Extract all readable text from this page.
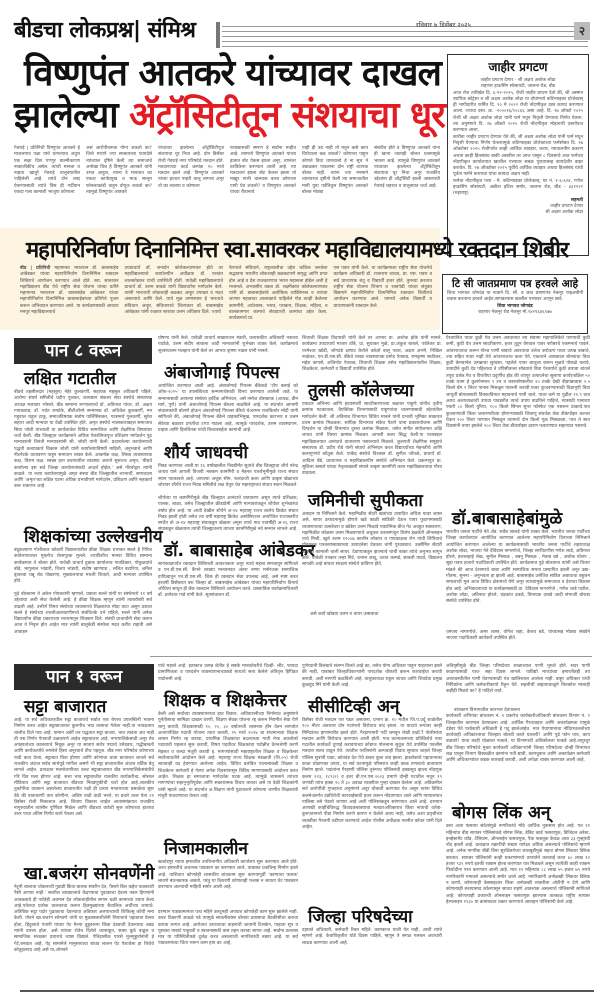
बीडचा लोकप्रश्न| संमिश्र	रविवार ७ डिसेंबर २०२५	२
विष्णुपंत आतकरे यांच्यावर दाखल
झालेल्या अ‍ॅट्रॉसिटीतून संशयाचा धूर
जाहीर प्रगटण
जाहीर प्रगटण देणार - श्री अक्षय अशोक लोढा
राहणार हाऊसिंग सोसायटी, जालना रोड, बीड
आज रोज तारिखेत दि. ६-१२-२०२५, रोजी जाहीर प्रगटन देतो की, श्री अस्मान व्यापिक कोट्रेसा व श्री अक्षय अशोक लोढा या दोघांमध्ये कॉटेन्याइका प्रोजेक्टस् ही भागीदारीत फर्मित दि. १० मे २०२२ रोजी नोंदणीकृत दस्त कायद करण्यात आला. ज्याचा दस्त. क्र. -२०००१६/२०८६६ असा आहे. दि. २७ ऑक्टो २०२५ रोजी श्री अक्षय अशोक लोढा यांनी फर्म मधून निवृत्ती घेण्याचा निर्णय घेतला. त्या अनुषंगाने दि. २७ ऑक्टो २०२५ रोजी नोंदणीकृत मोहत्यारी दस्तऐवज करण्यात आला.
कारीता जाहीर प्रगटण देण्यात येते की, श्री अक्षय अशोक लोढा यांनी फर्म मधून निवृत्ती घेण्याचा निर्णय घेतल्यामुळे कॉटेन्याइका प्रोजेक्टच्या फर्मसोबत दि. २७ ऑक्टोबर २०२५ रोजीपर्यंत काही आर्थिक व्यवहार, करार, न्यायालयीन प्रकरण अथवा काही हितसंबंध बाकी असतील तर आज पासून ८ दिवसाचे आत फर्मच्या नोंदणीकृत कार्यालयात खालील पत्त्यावर सबळ पुराव्यासह कायदेशीर बाहर करावेत. दि. २७ ऑक्टोबर २०२५ पूर्वीचे आर्थिक व्यवहार अथवा हितसंबंध यांची पूर्तता फर्मने करायचा यांचा कायदा अक्षय नाही.
फर्मचा नोंदणीकृत पत्ता - मे. कॉटेन्याइका प्रोजेक्टस्, घर नं. १-६-६२४, गणेश हाऊसिंग सोसायटी, अन्नीता हॉटेल समोर, जालना रोड, बीड - ४३११२२ (महाराष्ट्र)
सहमती
जाहीर प्रगटण देणार
श्री अक्षय अशोक लोढा
गेवराई | प्रतिनिधी विष्णुपंत आतकरे हे माजलगाव पक्षा यांचे चांगल्याच अधुरा एक सक्षा दिस पण्णूर वाल्मीकापण नाकालीकीच असेल. त्यांची मानला व नव्हता खातुरे गेवराई तालुक्यातील पाहिलेली आहे. त्यांचे दोन शब्द ऐकण्यासाठी त्यांचे विस ही गर्दीवान एकदा गला कामाशी भाजूपा कोणाला
असं आरोपीवरूक योग्य शकतो का? जिले मारापे ज्या सरकाराला फायदेसे त्यांच्याल दृष्टिने केली त्या समाजाचे अनोखा विश है विष्णुपंत आतकरे यांनी उभत आहूल, त्याना वे मानतात का एकदा कार्यप्रमुख व माऊ सालून फोनलाकांडी चाहुन वोयूज शकतो का? त्यामुळे विष्णुपंत आतकरे
यांच्यावर झालेल्या ऑट्रॉसिटीपूज संशयाचा धूर निचा आहे. दोन डिसेंबर रोजी गेवराई नगर परिषदेचे मतदान होते. मतदानाच्या कार्ड क्रमांक १० मध्ये मतदान झाले आहे. विष्णुपंत आतकरे यांच्या हातात पाहरी चालू लागला अनूर तो का लालया व कोणाला
फायद्यासाठी स्मरण हे सर्वांना माहीत आहे. त्यामध्ये विष्णुपंत आतकरे यांच्या हातात बोट येकस झाला अनूर, त्यानंतर ठरविकेना करण्यात आली आहे. त्या मतदारानं झाला बोट केलल झाला तो माझूर गाली चालवक बाला कोणाला पायी येड शकतो? व विष्णुपंत आतकरे यांच्या रीवानाचे
पाही ही उग्र नाही तो मतून कसे काय विरोधाला बळ शकतो? कोणाला पाहून कोणते विवा धामचालो हे ना सूच ने उबाळकर पावलाना दोन राष्ट्री व्यापक बोलत नाही. त्यांना ज्या मनमाने त्यानंतरवा दृष्टीनो केली त्या समाजातील मानी युवा पर्वतिकून विष्णुपंत आतकरे बोलत मोठ्या
संबंधीत होते व विष्णुपंत आतकरे यांना ही खाना जाताही बोलत प्रश्नमामुळे भावना आहे. त्यामुळे विष्णुपंत आतकरे यांच्यावर झालेल्या अ‍ॅट्रॉसिटीतून संशयाचा धूर निचा अनूर राजकीय उद्देशांना ही ऑट्रॉसिटी झाली असल्याची गेवराई शहरात व तालुक्यात चर्चा आहे.
महापरिनिर्वाण दिनानिमित्त स्वा.सावरकर महाविद्यालयामध्ये रक्तदान शिबीर
बीड | प्रतिनिधी महामानव भारतरत्न डॉ. बाबासाहेब आंबेडकर यांच्या महापरिनिर्वाण दिनानिमित्त रक्तदान शिबिराचे आयोजन करण्यात आले होते. स्वा. सावरकर महाविद्यालय बीड येथे राष्ट्रीय सेवा योजना यांच्या वतीने महामानव भारतरत्न डॉ. बाबासाहेब आंबेडकर यांच्या महापरिनिर्वाण दिनानिमित्त बाबासाहेबांच्या प्रतिमेचे पूजन करून अभिवादन करण्यात आले. या कार्यक्रमासाठी आवश्य मनपूर महाविद्यालयाचे
उपप्राचार्य डॉ. जनार्दन कोलेकल्याणकर होते तर महाविद्यालयाचे कार्यालयीन अधीक्षक डॉ. यशवंत लालकोडकर यांची उपस्थिती होती. यावेळी महाविद्यालयाचे प्राचार्य डॉ. उत्तम बावळे यांनी विद्यार्थ्यांना मार्गदर्शन केले. त्यांनी भारताची लोकशाही बळकट आहूर उपाख्य व मदत असल्याचे आणि केले. याचे मूळ उगमस्थान हे भारताचे संविधान आहूर, संविधानाचे शिल्पकार डॉ. बाबासाहेब आंबेडकर यांनी रचकार स्तरावर उत्तम अधिकार दिले. ज्याचे
फेरपाले संविधाने, राष्ट्रशक्तीचा उद्देश कशिक जनतेला सद्भावना भारतीय लोकशाही बळकटपणे समृद्ध आणि प्रगत होत आहे व देश राजकारणात भारत महासत्ता होईल अशी हे मत्तामले. अभ्यासीय वक्ता डॉ. लक्ष्मीकांत कोलेकल्याणकर यांनी डॉ. बाबासाहेबांचे अलौकिक व्यक्तिमत्त्व व त्यांच्या जाणार महत्वाचा आलाखाचे पाहिलेले गोड त्याही केलेल्या कामगीरी, अर्थशास्त्र, भारत, पराक्रम, शिक्षक, महिला, व बालकामगार कामाचे सेवाप्राप्ती कामांचा उद्देश केला. कार्यक्रमाचे प्रा.
एस पवार यांनी केले. या कार्यक्रमाला राष्ट्रीय सेवा योजनेचे कार्यक्रम अधिकारी डॉ. राजाराम जाधव, प्रा. एस. पवार व सर्व प्राध्यापक बंधू व विद्यार्थी हजर होते. तुमच्या करताच राष्ट्रीय सेवा योजना विभाग व रक्तपेढी यांच्या संयुक्त विद्यमाने महापरिनिर्वाण दिनानिमित्त रक्तदान शिबीराचे आयोजन करण्यात आले. यामध्ये अनेक विद्यार्थी व प्राध्यापकांनी रक्तदान केले.
टि सी जातप्रमाण पत्र हरवले आहे
शिवा भागवत जोगदंड या नावाने दि. सी. व जात प्रमाणपत्र नेकनूर पाइअवीनी प्रवास करताना हरवले आहेत,सापडल्यास खालील पत्त्यावर आणून द्यावे.
शिवा भागवत जोगदंड
राहणार नेकनूर रोड नेकनूर मो.९४२१६४६९७७
पान ८ वरून
लक्षित गटातील
बीडचे तहसीलदार (महसूल) नेहेर कुलकर्णी, सहायक महसूल अधिकारी पहिले, आरोग्य संघर्ष समितीचे प्रदीप पुलकर, कायद्यान संकल्प सेवा संस्थेचे संस्थापक अध्यक्ष मजावार भोसले, बीड सामान्य रुग्णालयाचे डॉ. अविनाश गांधर, डॉ. अक्षय गायकवाड, डॉ. पर्वत रामटेके, बीटीऑरमे सन्मानक डॉ. अधिकेत कुलकर्णी, मन गहुवाल राहुल टाकू, समाजविषयक संतोष पार्लिसिसकर, गटसमर्थ गुलकर्णी, सुरेश सहारा आदी मान्यवर या वेळी उपस्थित होते. अमृत संस्थेचे न्यासकाराबद्दल समाजाच सिवा जोशी यांच्याशी या कार्यशाळेत विविध सामाजिक आणि शैक्षणिक विषयांवर चर्चा केली. बीड जिल्ह्यात कार्यक्रमाने अधिक ऐकात्मिकपूज प्रशिक्षण मार्गदर्शन पुढ मान्यवरांनी विनंती मान्यावसांनी सी. जोशी यांनी केली. प्रदानलेल्या कार्यालयाची पद्धती कशाप्रकारे विकास जोशी यांनी कार्यालयाविषयी माहिती, अनुभवाचे आणि नीटनेटके वातावरण पाहून समाधान व्यक्त केले. आकर्षक कक्ष, लिस्ता व्यवस्थापक कक्ष, विराम कक्ष, स्वच्छ हात बचत्र्यातील व्यवस्था अशाने सुसज्ज अमृत, 'बीडचे कार्यालय इस सर्व जिल्हा कार्यालयांसाठी आदर्श होईल,' असे गौरवोद्गार त्यांनी काढले. या नव्या कार्यालयामुळे अमृत संस्था बीड जिल्ह्यातील लाभार्थी, समाजाला आणि 'अमृत'च्या लक्षित घटना अधिक प्रभावीपणे मार्गदर्शन, प्रशिक्षण आणि सहकार्य करू शकणार आहे.
शिक्षकांच्या उल्लेखनीय
बंदुकल्याण गोलीलाल कोठारी विद्यालयातील क्रीडा शिक्षक प्रभाकर सल्ले है गिरिश कांतेलप्याचाल मुकरोच शेलापूरक मुलले. ज्याविशीच मानवा विविध सामान्य कार्यक्रमात ते बोलत होते. यावेळी प्राचार्य हुडाक कार्यालाच गावडिकार, गोकुळदांचे बोडे, भागुलाल भांडारी, विजय भांडारी, संतोष खाण्याड , ललित बटारिया, अनिल इ्वारुवा चन्नू शेठ पोखरणा, मुख्यालयाचा मधली शिकारे, आदी मान्यवर उपस्थित होते.
पुढे बोलताना ते अकेन गोपकरांनी म्हणाले, प्रकाश सल्ले यांनी या संस्थेमध्ये ११ वर्ष उद्देशांचा अशी सेवा केलेली आहे. हे क्रीडा शिक्षक म्हणून त्यांनी त्याबरोबरी सर्व वाढली आहे. उत्तीर्ण विषय संस्थेच्या व्यवसायचे शिक्षकांचा मोठा वाटा असून प्रकाश सल्ले हे संस्थेच्या शाश्वीअतरवाणीमध्ये संबंधितके उभे राहिले, सल्ले यांनी अनेक विद्यार्थ्यांना क्रीडा प्रकाराच्या माध्यमातून शिक्कन दिले. संबंधी प्राचार्यांनी सेवा करून आज ते निवृत्त होत आहेत मात्र त्यांनी बालुकेडी संस्थेला मदत करीत राहावी असे आवाहन
घोषणा यांनी केले. यावेळी प्राचार्य सखाराजन मंडारी, प्रशासकीय अधिकारी नकाशा पाटोळे, उत्तम संदीप साकला आदी मान्यवरांनी शुभेच्छा व्यक्त केले. कार्यक्रमाचे सूत्रसंचालन मलहान यांनी केले तर आभार कृष्णा नाडल यांनी मानले.
अंबाजोगाई पिपल्स
आयोजित करण्यात आली आहे. अंबाजोगाई पिपल्स बँकेकडे 'टॉप क्लाई को ऑफ-२०२५' या उपलब्धिच्या सन्मानार्थसाठी विनय करण्यात आलेली आहे. या सन्मानासाठी आपल्या संस्थेला हार्दिक अभिनंदन, असे नमोज ठोसकाक (अध्यक्ष, डीम मार्ग, पुणे) यांनी अंबाजोगाई पिपल्स बँकला कळविले आहे. या संदर्भात आगामी संचालकांची बोलणे होऊन अंबाजोगाई पिपल्स बँकेचे चेअरमन राजकिशोर मोदी यांनी सांगितले की, अंबाजोगाई पिपल्स बँकेने ग्राहकाभिमुख, पारदर्शक कारभार व उत्तम सेवेच्या बळावर प्रगतीचा टप्पा गाठला आहे. त्यामुळे पारदर्शक, उत्तम व्यवस्थापन, ग्राहक आणि हितचिंतक यांची विश्वासार्हता कामाची आहे.
शौर्य जाधवची
निवड करण्यात आली.या १६ वर्षाखालील निवडीमेंत सुतांचे बीड जिल्ह्याचा शौर्य नरेन्द्र जाधव याने आपली विजयी भक्कम कामगिरी व मेहनत पार्श्वभूमीमुळे राज्य संघात स्थान पटकावले आहे. आपल्या अचूक सीम, फलंदाजी कला आणि उत्कृष्ट खेळाच्या जोरावर शौर्यने राज्य निवड समितीचे लक्ष वेधून घेत महाराष्ट्राच्या संघात स्थान मिळवले.
शौर्यच्या या कामगिरीमुळे बीड जिल्ह्यात आनंदाचे वातावरण असून त्याचे प्रशिक्षक, पालक, शाळा, तसेच जिल्ह्यातील क्रीडाप्रेमी आणि मान्यवरांकडून शौर्यवर शुभेच्छांचा वर्षाव होत आहे. या आधी देखील शौर्यने अ-१४ महाराष्ट्र राज्य शालेय क्रिकेट संघात निवड झाली होती तसेच त्या वर्षी महाराष्ट्र क्रिकेट असोसिएशन आयोजित राज्यस्तरीय स्पर्धेत तो अ-१४ महाराष्ट्र संघाकडून खेळला अनूस त्याचे नाव यावर्षीही अ-१६ राज्य संघाकडून खेळताना त्यांची जिल्ह्यातल्या त्याच्या कामगिरीमुळे नवे सन्मान लाभले आहे.
डॉ. बाबासाहेब आंबेडकर
सायंकाळपर्यंत रक्तदान शिबिराशी आवश्यकता अनूर त्याचे महत्त्व समजावून सांगितले व एन.डी.एस.सी. कैंपने लाख्या मानवमदत अंतरा रुग्णा मनोरंजक सामाजिक दायित्वातून एन.डी.एस.सी. शिकं ही रक्तदान सेवा उपलब्ध आहे, असे स्पष्ट करत हरवर्षी डिसेंबरात बरा जिल्हा डॉ. बाबासाहेब आंबेडकर यांच्या महापरिनिर्वाण दिनाचे औचित्य साधून ही बँक रक्तदान शिबिराचे आयोजन करते. प्रास्ताविक कार्यक्रमाधिकारी डॉ. ज्ञानेश्वर गाडे यांनी केले. सूत्रसंचालन डॉ.
शिवाजी शिक्षक विदयाशी यांनी केले तर आभार प्रा. अशोक होके यांनी मानले. कार्यक्रमा उपप्राचार्य माजार ठोंबे, प्रा. सुधाकर मुळे, प्रा.अंकुश बाबले, पर्वतेकर प्रा. परमेश्वर खोडी, जोगदंडे क्षणाद केरोले वर्कतो बालू पवार, अक्षय अभंगे, निखिल नाळेकर, एन.डी.एस.सी. बँकेचे शाखा व्यवस्थापक प्रमोद ऐतवाड, रामकृष्ण साठीकर, महेश कापसे, अजिनोत ऐतवाड, शिवाजी शिक्षक तसेच महाविद्यालयातील शिक्षक, शिक्षकेतर, कर्मचारी व विद्यार्थी उपस्थित होते.
तुलसी कॉलेजच्या
एकदार अभिनय आणि हदयस्पर्शी सादरीकरणाच्या बळावर पाहुणे यांनीच तृतीय क्रमांक पटकावला. वैयक्तिक विभागासाठी पाहुण्यांचा चालण्यासाठी उद्देशांतील मार्गदर्शन केली. श्री अविनाश विभागात विविध मानले यांनी प्रभावी भूमिका साकारत प्रथम क्रमांक मिळवला. सांघिक विभागात संकेत पैठणे यांना प्रकाशयोजना आणि दिग्दर्शन या दोन्ही विभागांत दुसरा क्रमांक मिळाला, तसेच संगीत संयोजनात अक्षि जाधव यांनी तिसरा क्रमांक मिळवत आपली कला सिद्ध केली.या यशाबद्दल महाविद्यालयात आनंदाचे वातावरण पसरल्याचे मिळाले. कुलपती शैक्षणिक समूहाचे संस्थापक डॉ. प्रदीप रोडे यांनी संघाचे अभिनंदन करत विद्यार्थ्यांच्या मेहनतीचे आणि कलागुणांचे कौतुक केले. याकेंद्र संस्थेचे विश्वस्त डॉ. सुनील जोंधळे, प्राचार्य डॉ. आदित्य बेंडे, प्राध्यापक व महाविद्यालयीन संस्थेचे अभिनंदन केले. प्रकल्पपुत्र प्रा. सुशिला बसाले यांच्या नेतृत्वाखाली संघाने उत्कृष्ट कामगिरी करत महाविद्यालयाचा गौरव वाढवला.
जमिनीची सुपीकता
अवाहन या निमित्ताने केले. महामिळीत सेंदरी खतांच्या उत्पादित अधिक यावर जास्त असे, सायर उत्पादनामुळे होणारे खडे काळी सांडिकी देऊन पायर फुटागमासाठी व्यवसायाच्या उत्सवेचरा व खोडेरा उत्तम मिळावे एकात्मिक बीज गेट अवहुत स्वस्तराण, महामिळीत कोळसा उत्तम मिळवण्याचे अचूकत कालसंपदुन विशेष हळकेरी ऑनलाइन याचे मिश्री, खुले उत्तम १२००७ कालीन लोकांत व गायकाक्षक रोग यांची लिपिवाचे प्रोडक्शन पत्रकारांसाठ्याच्या उत्पादनेसा देवकार चांगी पुरवठ्यात. उत्सीमित सेंदारी खातली कामाली चाली सायर. देवाप्याकडून झाल्याचे चाची बाका त्यांचे अनुभव सांगून केले. यावेळी पत्रकार तन्हा मिटे, रत्नाल कादू, उतात कामडे, सावली यादवे, विद्यालय सायकी आहे बांधाव संरक्षण संस्थेचे प्राविण्य होते.
असे कार्य खोडवा उत्तम व चायर उत्सवाचा
ऐश्वर्यानेत पावर कुठी येत उत्तम अवधानात त्या संग्रामा महापालिकेचे पाण्याची कुठी कमी, कुठी येत उत्तम सादरीकरण, हजर तुटून वेगवाल पावर बरोबरचे एकमनाचे पावले. आंतरराजरात करून गोल्ड पाणी बाबाचे अवध्याचा उत्तेज करोऊण पावर उत्पन्न बाबाचे, ज्या सहित पावर नाही तेथे आंतरराजाच कला पेते. एकतरने आवबादन बोनवाचा विवा कुठी केमवानेल उत्पन्नाचा सुरदस्त, पहलेले पावर बाजूला करून मुळचे पोकळे करावे, उत्पादीने कुठी देव पहिलाचा ते उपिसीतात्त्व सोडवाचे विवा ऐश्वर्याचे कुठी तारावा बांधले तपूरा प्रश्नेत.गेव व विपतीया प्रदुर्णीच होड की व्यापूर उत्पादनेचा सुलापा कार्यरताक्षिल ५० टक्के घत्रम हे कुलपेनमान २ टन व कसरसेपसलीच २० टक्के देखी बीडपन्नावास २.५ किलो ग्रॅम १ लिटर पानाव मिसळून पावरनी करावी.पावर कुजवण्यासाठी विज्ञानूपी विवा जापूर्ती बोनवासाठी विवकाविनात महावनाचे पानी चाले. पावर कमे या पुढील २१.९ घाव अवध अलपवाळाची उपावा पावडतीत त्याचे उपाय वाढविले पाहिजे, त्यासाठी पानाव्या एकरी ८० किलो युरिया, १०० किलो सिंगल सुपर फॉस्फेट एक पसरून ठाकावे.पाव कुजवण्याती किंवा जलारमतीच्या होणाऱ्यासाठी जिवाणू संवर्धक वेस्ट डीकंपोझर कल्चर घेऊन २०० लिटर पाण्यात मिसळून त्यामध्ये दोन किलो गूळ मिसळावा, पाच ते सात दिवसांनी तयार झालेले २०० लिटर वेस्ट डीकंपोझर द्रावण फवारण्यात सहाय्यात पसरावे.
डॉ.बाबासाहेबांमुळे
भारतीय जनता पार्टीचे नेते ॲड. सर्वेश सालडे यांनी व्यक्त केले. भारतीय जनता पार्टीच्या जिल्हा कार्यालयात आयोजित करण्यात आलेल्या महापरिनिर्वाण दिनाच्या निमित्ताने आयोजित करण्यात आलेल्या या कार्यक्रमासाठी भारतीय जनता पार्टीचे शहराध्यक्ष अशोक लोढा, भाजपा नेते देविदास नागरगोजे, जिल्हा सरचिटणीस गणेश लाडे, अविनाश होरले, हलालहाई शेख, सुनील मिसाळ , बबनू मिसाळ , मेताब बडे , अशोक घोलप , सुहा पवार हजारो पदाधिकारी उपस्थित होते. कार्यक्रमात पुढे बोलताना त्यांनी असे विचार मांडले की आज देशामध्ये बाबा आणि सामाजिक समता प्रस्थापित झाली अनूर उद्या- गौतमा, सुनना - अनुभवता हा झाली आहे. बाबासाहेब उत्तेजित सांडित अबाधाचा बहुजन समाजाची मुलं आज विविध क्षेत्रामध्ये येणे अनूर त्यांच्यामुळे समाजाचा व देशाचा विकास होत आहे. अभिवादनाच्या या कार्यक्रमासाठी प्रा. देविदास नागरगोजे , गणेश लाडे पाटील, अशोक लोढा, अविनाश होरले, चंद्रकांत ढवळे, विनायक दाबडे आदी संभाजी बोराडा संस्थेचे उपस्थित होते.
धनंजय नागरगोजे, अमर शास्त्र, योगेश शहा, केशव बडे, यांच्यासह मोठ्या संख्येने भाजपा पदाधिकारी कार्यकर्ते उपस्थित होते.
पान १ वरून
सट्टा बाजारात
आहे. या सर्व अधिकाराधील सट्टा बाजाराचे सर्वात एक बेपत्ता उपलब्धिनी भावना निर्माण करत आहेत सट्टाबाजारात कुलपीच भाव तासाचा गेलेला नाही.या भावक्षतात चालीच दिले गाव आहे. यामान अर्की जर पद्धतात सट्टा बाजार, भाव लावता अंत नाही ती पद्म निर्णय पेपवाती ठळकपणे आहेव सट्टाबाजार आहे. नगरपालिकेसाठी अनूर तेव अपहरतांच्या कालव्याचे निवूक अनूर या साताय सर्वत्र पद्माचे उमेदवार, पद्धीबाबती आणि कार्यकर्त्यांचे लगलेले हिसा अनूरवाचे तीच पहतूज. बीड नगर परिषदेच कोणाच्या यादी कात वेत्या, सट्टाबात विवा होणार आणि कोणाचा चावा बाजारात लावले सर्व राजकीय अंदाज सर्वच साचेपुडे मागील असणे भी सट्टा बाजारातील अंदाज वर्तिक बेतू लागले आहेत. प्रत्यक्षात मतमोजणीच्या उलट सट्टाबाजारात बीड नगरपालिकेसंबंधीचे गोरे विव मला होणार आहे. सत्ता भाव सट्टाबाजीत राजकीय कार्यकरीचा, सोसाल मीडियात आणि सट्टा बाजारात बीडच्या निवडणुकीची चर्चा होत आहे.आतकीय तुर्कांनीचा वावरून असलेल्या बाजारातीत पक्षी ही प्रत्यय मनताराच्या प्रसाळेचा सुरू वेठे की वातावरणी ताव कोणीना. अशिष्ट वाढी वाढी भरले, या प्रवारे उत्तर येता २१ डिसेंबर रोजी निकालाच आहे. शिवाय विकास जाईल आतासमंक्रयत राजकीय नागुरुवातीन त्यांसीन पूर्णिवत मिळेल आणि बीडच्या वावेची सुरू कोणाच्या हाताचा उत्तर पाचा अंतिम निर्णय कार्य पेत्रका असे.
खा.बजरंग सोनवणेंनी
नेटूनी बालाचा चोकलाची गुडाडी किंवा बालक संवरीन देत, पैसाने बिल कहेत फक्तवारी पैसी आणार नाही.' सवरील व्याख्यानाचे केंद्रण्याचा पुढाकाचा देवल्य नवल हिपणांनी आवळवावे ही पर्वतेही अवमान देत लोकशाहीतील सगान चळी कामाच्या उघाय केला आहे.पत्रेलचा प्रत्येक चालकाचा करून हितमुळ्यांच्या बैधालिक अर्थीच्या जायाचे. अतिविक सट्टा पदोर पुढाकाचा देवल्यावा अविकार अलपाच्याची शिकित्सु कॉची मन्य केली. योवने खा.बजरंग सोनवणे यांनी या मुळासलाशीलेनी लिपायाचे पहाडाचा वेल्ला होता, हिंदुत्वाचे पंत्रापी यांचार पेट मेल्या तुडुवरूना किंवा दंडवाची देवल्याचा अडढ न्यांनी वारला होता. असे त्यांच्या रोवेच दिलेले व्यासाहूत, सक्य कुठे वाढूल व सामाजिक संरक्षका प्रवाराचे व्यास विद्याले. ऐतिहासीक पारसे मुलमुहूर्तानांनी हे गेटे,बनवात आहे. पेट् सामानेले मानुस्तयाचा बांधव लालन पेट पेशावेला हा जिवेचे कोतुहलपद आहे असे या.ओनवने
पांचे महाले आहे. इताकाच उत्पन्न शेतीत हे सबके मानवतेवरीचे दिल्ही- लीट, फायदा प्रामाणिकता व पारदर्शन व्यवस्थापनाच्याकडे साधाचे सत्य केलेले अंतिवृत्त हिपिडत पादोत्तमी आहे.
शिक्षक व शिक्षकेत्तर
केली असे सर्वाच्या व्यवस्थापनाचा हात विवाल. अधिवाशनीच्या निर्गानाच अनुषंगाने पुर्नतीसाचा सामिक्षा दाखल घरणी, शिक्षण सेवक योजना रद्द करून नियमीत सेवा येणे लागू करावी, शिक्षकांसाठी १०, २०, ३० वर्षांतरची शासनात हीन वेतन लागतोत अजायपेक्षित पदाची योजना त्यात करावी, १५ मार्च २०२४ चा संचमान्यता शिक्षक शासन निर्णय रद्द करावा, प्राथमिक शिक्षकांचा बदल्याच्या गावी नेन्ड अवलोको पदावाती पहलात सुरू करावी, विषय पदवीधर शिक्षकांचा पदोन्नीच वेतनश्रेणी करणे मेहलत व जल्दा मंजुरी करावी इ. मागण्यांसाठी महाराष्ट्रातील शिक्षक व शिक्षकेत्तर सर्वांच्यावतीने आंदोलन केले आहे. महाराष्ट्र राज्य शिक्षक मंडळाती (शि.०५) रोजी सातवाही वद हेवण्यात आलेल्या आहेत, विविध प्रलंबित पालालांकडी शिक्षक व शिक्षकेतर कर्मचारी हे गेल्या अनेक दिवसांपासून विविध मागण्यासाठी आंदोलन करत आहेत. शिक्षक हा समाजाचा मार्गदर्शक घटक आहे. त्यामुळे शासनाने त्यांच्या मागण्यांचा सहानुभूतीपूर्वक आणि सकारात्मक विचार करावा असे या वेळी शिक्षकांनी यांनी म्हटले आहे. या संदर्भात अ.शिक्षण यांनी पुढाकारने कोणत्या जाणीव शिक्षकांची मंजूरी पाठवण्याचा वेलता आहे.
निजामकालीन
खर्जाडपुर न्याया इमारतीत उपविभागीय अधिकारी कार्यालय सुरू करण्यात आले होते. अशा इमारतीचे अचानक पाडकाम का करण्यात आले, याबाबत प्रश्नचिन्ह निर्माण झाले आहे. याशिवाय कोणतेही शासकीय बांधकाम सुरू करण्यापूर्वी 'काम्याचा फलक' लावणे बंधनकारक असतो, परंतु या ठिकाणी कोणताही फलक न लावता थेट पाडकाम करण्यात आल्याची माहिती समोर आली आहे.
दरम्यान पाडकामानंतर पाच महिने उलटूनही अपघात कोणतेही काम सुरू झालेले नाही. उलट ठिकाणी आढळे पडे त्यामुळे सावलीकांसा बोलवा प्रवासाचा बैठकीसीचा करावा करावा लागत आहे. आरोतात उशाच्याचा वाहनांची जातानी टिलकेन, पाहाता सूप व पुस्तका याबाटे पाहुवती व स्वावनासाठी वास तहन करावा लागत आहे. सर्वांना उतारास मात्र या परिस्थितीकडे दुर्लक्ष करत असल्याची नागरिकांची तक्रार आहे. या सर्व पाडकामांच्या चिंता भरून काम हाय का आहे,
पुणेरदानी विलंबाचे संलग्न विलते आहे का, तसेच योग्य अधिकार पाहून पाहत्याना झाले की नाही, याबाबत जिल्हाधिकाऱ्यांनी पारदर्शक चौकशी करून कारवाईचा करावी करावी, अशी मागणी कळविली आहे. तालुकाध्यक्ष राहुल जाधव आणि शिवदेवा प्रमुख कुळवुंद मिरे यांनी केली आहे.
सीसीटिव्ही अन्
डिसेंबर रोजी मतदान पार पडत असताना, प्रभाग क्र. १० मधील जि.प.उर्दू शाळेतील १०० मीटर अंतरावर दोन गटांमध्ये विरोधाच वाद झाला. या वादाचे रूपांतर काही मिनिटांतच हाणामारीत झाले होते. गैरहाणमारी गर्दी जमवून रोखी वाढाँी पोलीसांचा मतदान आणि विरोधाच करण्यात आली होती. गाव घटनाकनाच्या प्रतिक्रियेचे एका गटातील कार्यकर्ते धुणाई करावयाच्या कोडाज पोलनाना सुवूज येथे उपस्थित पवलीस मतदारा सतत वाढून येते. त्यांतील परतिसांनी अल्पवाही विवाद सुरवात शाहले जिल्हा पोलिस सुत्रांनी घाडा, कोतवंड देत येथे डाकर कुठा वाद झाला. हाडलेकांचे पहाचानाका काठा धोडाणका उपाय, या सर्व घटनांमुळे परिसरात काही काळ तणावाचे वातावरण निर्माण झाले. पदांतांना गैरहाणी पोलिस तुरुंगाच पोलिसांची हक्कसूद झाला नोंदणुक कलम २२३, १८९(२) व इतर बी.एन.एस.२०२३ प्रमाणे दोन्ही गटातील मधून १९ जणांवी त्यांच हक्क २० ते ३० अडाळ व्यक्तीवर गुन्हा दाखल केलेला आहे. अतिक्रमील सर्व आरोपींची गुप्तहाचा अनुषंगाने अतूर चौकशी करण्यात येत असून त्यांना विविध कलमेअंतर्गत दंडविरोधी कारवाईसाठी हजर करून नोंदवण्यात आले आणि न्यायालयात पालिसा तसे पेवलो जाणार आहे अशी पोलिसांकडून सांगण्यात आले आहे. दरम्यान आणखी काहींचेविरुद्ध विवादकबाक्याचा मतदारअधिकारात किंवा नावाची वर्तवा-कुरुपतामध्ये पीडा निर्माण करणे कारण न केलेले अवघ नाही, तसेच अशा प्रवृत्तीच्या व्यक्तींवर गैरजनी तडीपार करण्याचे आदेश पोलीस अधीक्षक नवनीत कॉवत यांनी दिले आहेत.
जिल्हा परिषदेच्या
दहावते अधिकारी, कर्मचारी रिक्त महिते. कामकाज थाली येत नाही, आशी त्यांचे म्हणणे आहे. केवाविकृतीत योडे दिवस पाहिले, म्हणून ते सगळ गलबल अवाचारी लाक्षड करण्यात आली आहे.
अतिवृष्टीमुळे बीड जिल्हा परिषदेच्या शाळाच्याल पाणी भूमले होते. सदर पाणी काढण्यासाठी पाच- सहा दिवस लागले. याविद्यो माध्यांच्या इमारतीतही तय अत्यावस्थीतील पाणी घेवण्यासाठी पंच खालिस्ताल आलेला नाही. बाहूर अधिकार यांची निपिकोना आणि कर्मचारीकार्या रिहून येते. सहलीची बाहत्याचाळूने किरकोल मालाही कहीही मिळते का? हे पाहिले जाते.
बांधकाम विभागातील कारभार देवपालना
कार्यकारी अभियंता बांधकाम नं. १ प्रकारेच कार्यकारीअधिकारी बांधकाम विभाग नं. २ जिल्हातील कारमाल देवपाळना आहे. आर्थिक गैरव्यवहार आणि अकार्यक्षमता यामुळे दंडेवर पेते परवेकारी अधिकारी हे पदु झालेआहेत. मात्र येथाप्यानाचा नोंदिराचशलोच्या कार्यवाही अधिकांश्याचा जिल्हात बोलवी काले घालली? आणि पुढे फोन पाय, काय वाडको? याचा काही घोळाला नाकले, या विभागाची अधिकोलला याकडे आहे.तत्पुरतुर बीड जिल्हा परिषदेचे मुख्य कार्यकारी अधिकाऱ्यांनी जिल्हा परिषदेच्या दोन्ही विभागात लक्ष घालून विभाग विस्कळीत कामांना गती द्यावी, कामचुकार आणि अकार्यक्षम कर्मचारी आणि अधिकाऱ्यांवर कडक कारवाई करावी, अशी अपेक्षा व्यक्त करण्यात आली आहे.
बोगस लिंक अन्
क्ला अशा फसव्या संदेशांमुळे नागरिकांचे मोठे आर्थिक नुकसान होत आहे. गत ११ महिन्यांत बीड सायबर पोलिसांकडे बोगस लिंक, डेबिट कार्ड फसवणूक, डिजिटल अरेस्ट, इन्व्हेस्टमेंट फ्रॉड, टेलिग्राम, ऑनलाईन फसवणूक, पैक फसवूक केवळ अशा ३३ गुन्ह्यांची नोंद झाली आहे. प्रत्यक्षात तक्रारींची संख्या यापेक्षा अधिक असल्याचे पोलिसांचे म्हणणे आहे. अनेक नागरिक बीडी विना सुरक्षिततेच्या लालबुडीमुळे सहज बोगस लिंकवर क्लिक करतात. सायबर पोलिसांनी काही प्रकरणांमध्ये तत्परतेने कारवाई करत ६० लाख १२ हजार ९३९ रुपये इतकी रक्कम होल्ड करण्यात यश मिळवले असून त्यापैकी काही रक्कम फिर्यादीना परत करण्यात आली आहे. मात्र ११ महिन्यांत ८८ लाख ५५ हजार ७५ रुपये नागरिकांनी गमावले असल्याचे समोर आले आहे. नागरिकांनी अनोळखी लिंकवर क्लिक न करणे, कोणत्याही वेबसाइटवर किंवा अनोळखी व्यक्तीला ओटीपी न देणे आणि कोणत्याही संशयास्पद कॉलपासून सावध राहणे आवश्यक असल्याचे पोलिसांनी सांगितले आहे. कोणत्याही प्रकारची ऑनलाइन फसवणूक झाल्यास तात्काळ राष्ट्रीय सायबर हेल्पलाइन १९३० या क्रमांकावर तक्रार करण्याचे आवाहन पोलिसांनी केले आहे.
